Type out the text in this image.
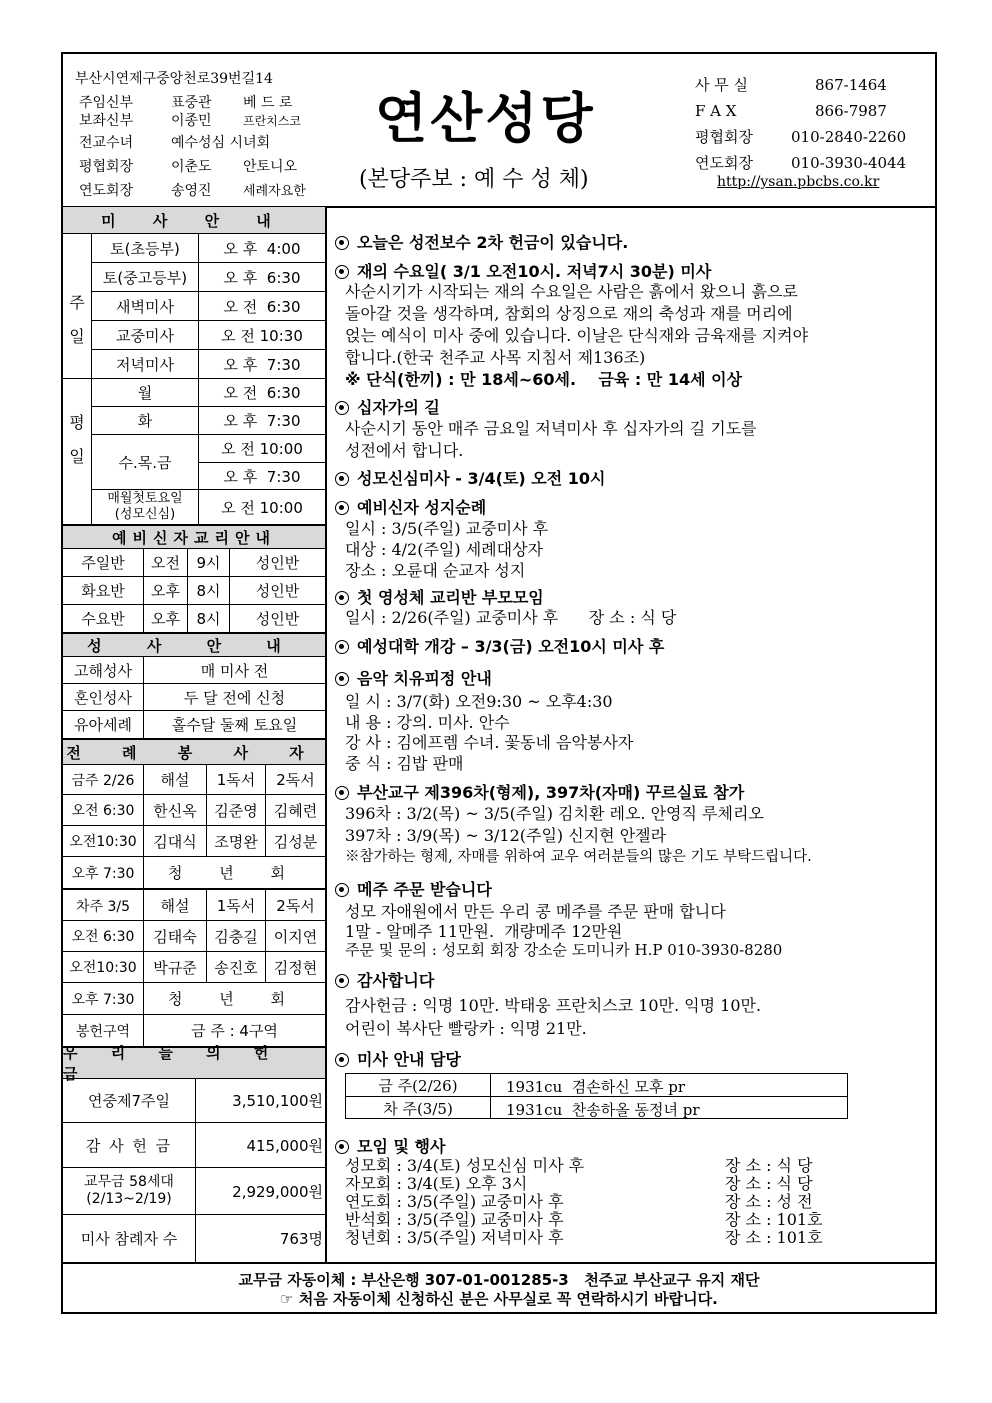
부산시연제구중앙천로39번길14
주임신부	표중관 베 드 로
보좌신부	이종민	프란치스코
전교수녀	예수성심 시녀회
평협회장	이춘도 안토니오
연도회장	송영진 세례자요한
연산성당
(본당주보 : 예 수 성 체)
사 무 실	867-1464
F A X	866-7987
평협회장	010-2840-2260
연도회장	010-3930-4044
http://ysan.pbcbs.co.kr
미 사 안 내
주일
토(초등부)	오 후  4:00
토(중고등부)	오 후  6:30
새벽미사	오 전  6:30
교중미사	오 전 10:30
저녁미사	오 후  7:30
평일
월	오 전  6:30
화	오 후  7:30
수.목.금
오 전 10:00
오 후  7:30
매월첫토요일
(성모신심)	오 전 10:00
예비신자교리안내
주일반	오전	9시	성인반
화요반	오후	8시	성인반
수요반	오후	8시	성인반
성 사 안 내
고해성사	매 미사 전
혼인성사	두 달 전에 신청
유아세례	홀수달 둘째 토요일
전 례 봉 사 자
금주 2/26	해설	1독서	2독서
오전 6:30	한신옥	김준영	김혜련
오전10:30	김대식	조명완	김성분
오후 7:30	청 년 회
차주 3/5	해설	1독서	2독서
오전 6:30	김태숙	김충길	이지연
오전10:30	박규준	송진호	김정현
오후 7:30	청 년 회
봉헌구역	금 주 : 4구역
우 리 들 의 헌 금
연중제7주일	3,510,100원
감 사 헌 금	415,000원
교무금 58세대
(2/13~2/19)	2,929,000원
미사 참례자 수	763명
오늘은 성전보수 2차 헌금이 있습니다.
재의 수요일( 3/1 오전10시. 저녁7시 30분) 미사
사순시기가 시작되는 재의 수요일은 사람은 흙에서 왔으니 흙으로
돌아갈 것을 생각하며, 참회의 상징으로 재의 축성과 재를 머리에
얹는 예식이 미사 중에 있습니다. 이날은 단식재와 금육재를 지켜야
합니다.(한국 천주교 사목 지침서 제136조)
※ 단식(한끼) : 만 18세~60세.    금육 : 만 14세 이상
십자가의 길
사순시기 동안 매주 금요일 저녁미사 후 십자가의 길 기도를
성전에서 합니다.
성모신심미사 - 3/4(토) 오전 10시
예비신자 성지순례
일시 : 3/5(주일) 교중미사 후
대상 : 4/2(주일) 세례대상자
장소 : 오륜대 순교자 성지
첫 영성체 교리반 부모모임
일시 : 2/26(주일) 교중미사 후      장 소 : 식 당
예성대학 개강 – 3/3(금) 오전10시 미사 후
음악 치유피정 안내
일 시 : 3/7(화) 오전9:30 ~ 오후4:30
내 용 : 강의. 미사. 안수
강 사 : 김에프렘 수녀. 꽃동네 음악봉사자
중 식 : 김밥 판매
부산교구 제396차(형제), 397차(자매) 꾸르실료 참가
396차 : 3/2(목) ~ 3/5(주일) 김치환 레오. 안영직 루체리오
397차 : 3/9(목) ~ 3/12(주일) 신지현 안젤라
※참가하는 형제, 자매를 위하여 교우 여러분들의 많은 기도 부탁드립니다.
메주 주문 받습니다
성모 자애원에서 만든 우리 콩 메주를 주문 판매 합니다
1말 - 알메주 11만원.  개량메주 12만원
주문 및 문의 : 성모회 회장 강소순 도미니카 H.P 010-3930-8280
감사합니다
감사헌금 : 익명 10만. 박태웅 프란치스코 10만. 익명 10만.
어린이 복사단 빨랑카 : 익명 21만.
미사 안내 담당
금 주(2/26)	1931cu  겸손하신 모후 pr
차 주(3/5)	1931cu  찬송하올 동정녀 pr
모임 및 행사
성모회 : 3/4(토) 성모신심 미사 후	장 소 : 식 당
자모회 : 3/4(토) 오후 3시	장 소 : 식 당
연도회 : 3/5(주일) 교중미사 후	장 소 : 성 전
반석회 : 3/5(주일) 교중미사 후	장 소 : 101호
청년회 : 3/5(주일) 저녁미사 후	장 소 : 101호
교무금 자동이체 : 부산은행 307-01-001285-3   천주교 부산교구 유지 재단
☞ 처음 자동이체 신청하신 분은 사무실로 꼭 연락하시기 바랍니다.
